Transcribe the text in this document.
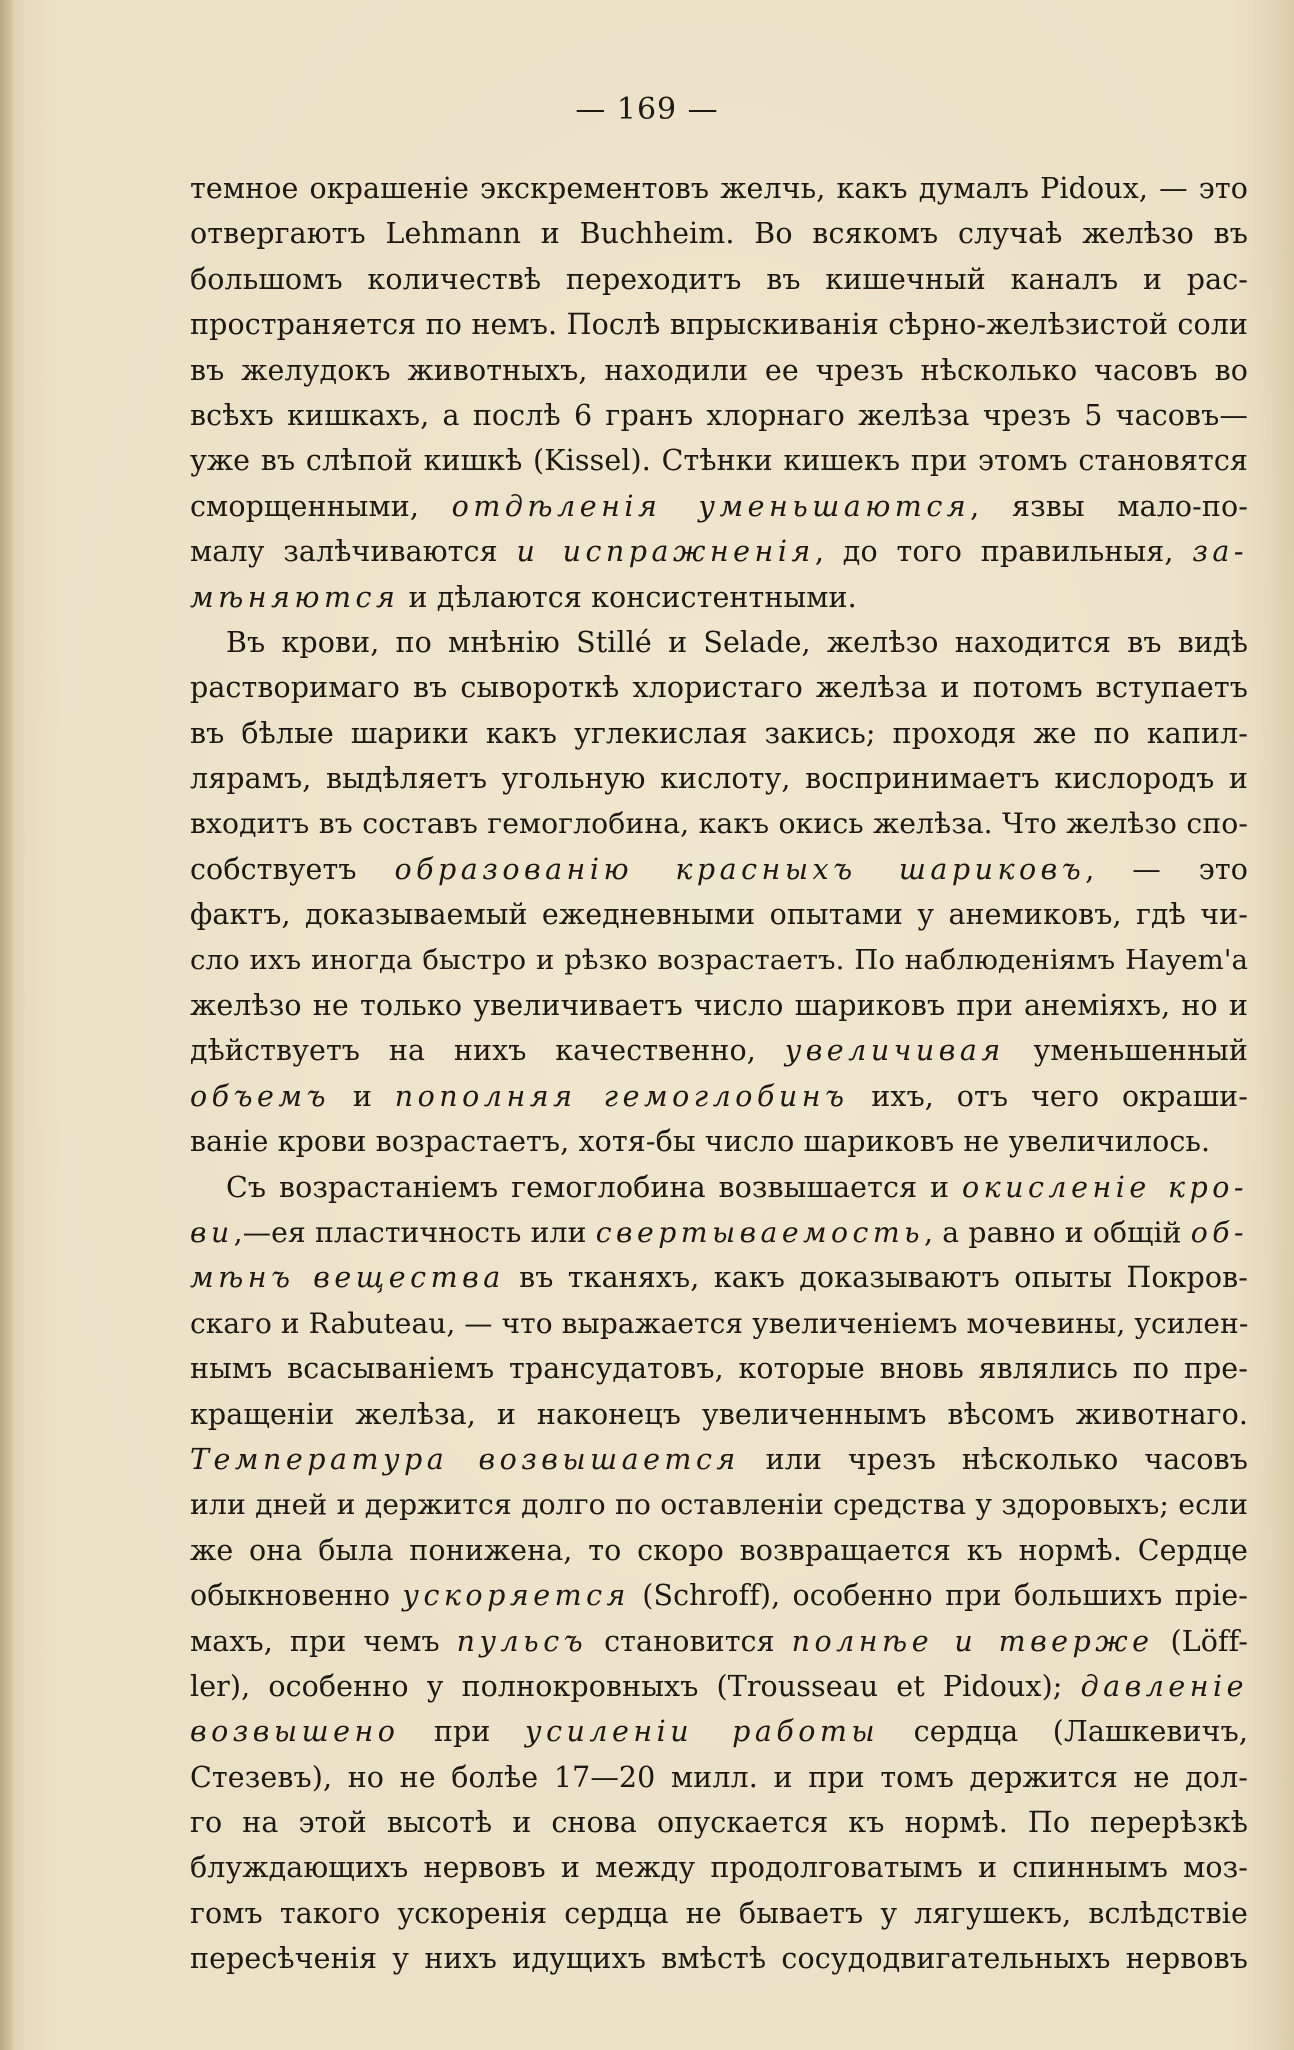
— 169 —
темное окрашеніе экскрементовъ желчь, какъ думалъ Pidoux, — это
отвергаютъ Lehmann и Buchheim. Во всякомъ случаѣ желѣзо въ
большомъ количествѣ переходитъ въ кишечный каналъ и рас-
пространяется по немъ. Послѣ впрыскиванія сѣрно-желѣзистой соли
въ желудокъ животныхъ, находили ее чрезъ нѣсколько часовъ во
всѣхъ кишкахъ, а послѣ 6 гранъ хлорнаго желѣза чрезъ 5 часовъ—
уже въ слѣпой кишкѣ (Kissel). Стѣнки кишекъ при этомъ становятся
сморщенными, отдѣленія уменьшаются, язвы мало-по-
малу залѣчиваются и испражненія, до того правильныя, за-
мѣняются и дѣлаются консистентными.
Въ крови, по мнѣнію Stillé и Selade, желѣзо находится въ видѣ
растворимаго въ сывороткѣ хлористаго желѣза и потомъ вступаетъ
въ бѣлые шарики какъ углекислая закись; проходя же по капил-
лярамъ, выдѣляетъ угольную кислоту, воспринимаетъ кислородъ и
входитъ въ составъ гемоглобина, какъ окись желѣза. Что желѣзо спо-
собствуетъ образованію красныхъ шариковъ, — это
фактъ, доказываемый ежедневными опытами у анемиковъ, гдѣ чи-
сло ихъ иногда быстро и рѣзко возрастаетъ. По наблюденіямъ Hayem'a
желѣзо не только увеличиваетъ число шариковъ при анеміяхъ, но и
дѣйствуетъ на нихъ качественно, увеличивая уменьшенный
объемъ и пополняя гемоглобинъ ихъ, отъ чего окраши-
ваніе крови возрастаетъ, хотя-бы число шариковъ не увеличилось.
Съ возрастаніемъ гемоглобина возвышается и окисленіе кро-
ви,—ея пластичность или свертываемость, а равно и общій об-
мѣнъ вещества въ тканяхъ, какъ доказываютъ опыты Покров-
скаго и Rabuteau, — что выражается увеличеніемъ мочевины, усилен-
нымъ всасываніемъ трансудатовъ, которые вновь являлись по пре-
кращеніи желѣза, и наконецъ увеличеннымъ вѣсомъ животнаго.
Температура возвышается или чрезъ нѣсколько часовъ
или дней и держится долго по оставленіи средства у здоровыхъ; если
же она была понижена, то скоро возвращается къ нормѣ. Сердце
обыкновенно ускоряется (Schroff), особенно при большихъ пріе-
махъ, при чемъ пульсъ становится полнѣе и тверже (Löff-
ler), особенно у полнокровныхъ (Trousseau et Pidoux); давленіе
возвышено при усиленіи работы сердца (Лашкевичъ,
Стезевъ), но не болѣе 17—20 милл. и при томъ держится не дол-
го на этой высотѣ и снова опускается къ нормѣ. По перерѣзкѣ
блуждающихъ нервовъ и между продолговатымъ и спиннымъ моз-
гомъ такого ускоренія сердца не бываетъ у лягушекъ, вслѣдствіе
пересѣченія у нихъ идущихъ вмѣстѣ сосудодвигательныхъ нервовъ
